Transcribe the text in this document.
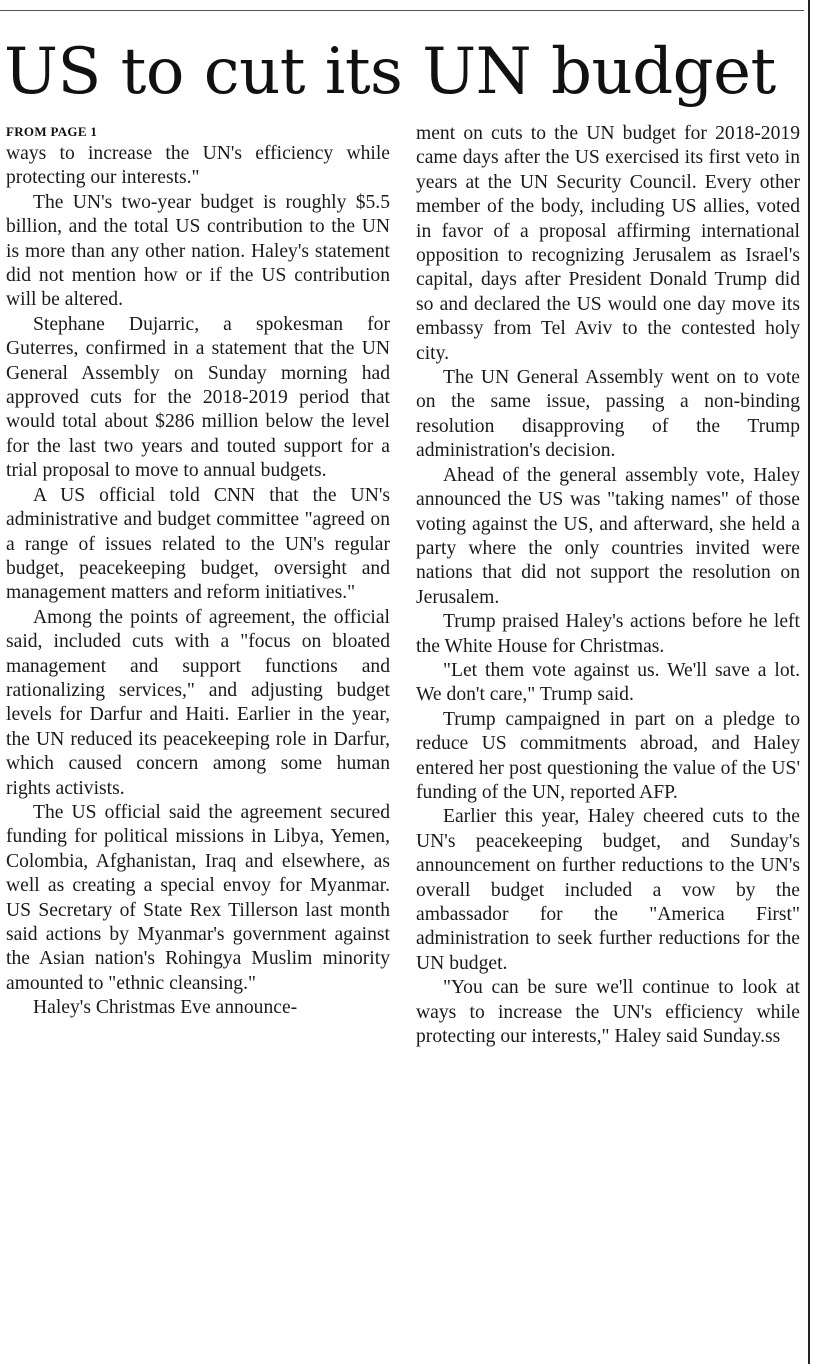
US to cut its UN budget
FROM PAGE 1

ways to increase the UN's efficiency while protecting our interests."

The UN's two-year budget is roughly $5.5 billion, and the total US contribution to the UN is more than any other nation. Haley's statement did not mention how or if the US contribution will be altered.

Stephane Dujarric, a spokesman for Guterres, confirmed in a statement that the UN General Assembly on Sunday morning had approved cuts for the 2018-2019 period that would total about $286 million below the level for the last two years and touted support for a trial proposal to move to annual budgets.

A US official told CNN that the UN's administrative and budget committee "agreed on a range of issues related to the UN's regular budget, peacekeeping budget, oversight and management matters and reform initiatives."

Among the points of agreement, the official said, included cuts with a "focus on bloated management and support functions and rationalizing services," and adjusting budget levels for Darfur and Haiti. Earlier in the year, the UN reduced its peacekeeping role in Darfur, which caused concern among some human rights activists.

The US official said the agreement secured funding for political missions in Libya, Yemen, Colombia, Afghanistan, Iraq and elsewhere, as well as creating a special envoy for Myanmar. US Secretary of State Rex Tillerson last month said actions by Myanmar's government against the Asian nation's Rohingya Muslim minority amounted to "ethnic cleansing."

Haley's Christmas Eve announce-

ment on cuts to the UN budget for 2018-2019 came days after the US exercised its first veto in years at the UN Security Council. Every other member of the body, including US allies, voted in favor of a proposal affirming international opposition to recognizing Jerusalem as Israel's capital, days after President Donald Trump did so and declared the US would one day move its embassy from Tel Aviv to the contested holy city.

The UN General Assembly went on to vote on the same issue, passing a non-binding resolution disapproving of the Trump administration's decision.

Ahead of the general assembly vote, Haley announced the US was "taking names" of those voting against the US, and afterward, she held a party where the only countries invited were nations that did not support the resolution on Jerusalem.

Trump praised Haley's actions before he left the White House for Christmas.

"Let them vote against us. We'll save a lot. We don't care," Trump said.

Trump campaigned in part on a pledge to reduce US commitments abroad, and Haley entered her post questioning the value of the US' funding of the UN, reported AFP.

Earlier this year, Haley cheered cuts to the UN's peacekeeping budget, and Sunday's announcement on further reductions to the UN's overall budget included a vow by the ambassador for the "America First" administration to seek further reductions for the UN budget.

"You can be sure we'll continue to look at ways to increase the UN's efficiency while protecting our interests," Haley said Sunday.ss
